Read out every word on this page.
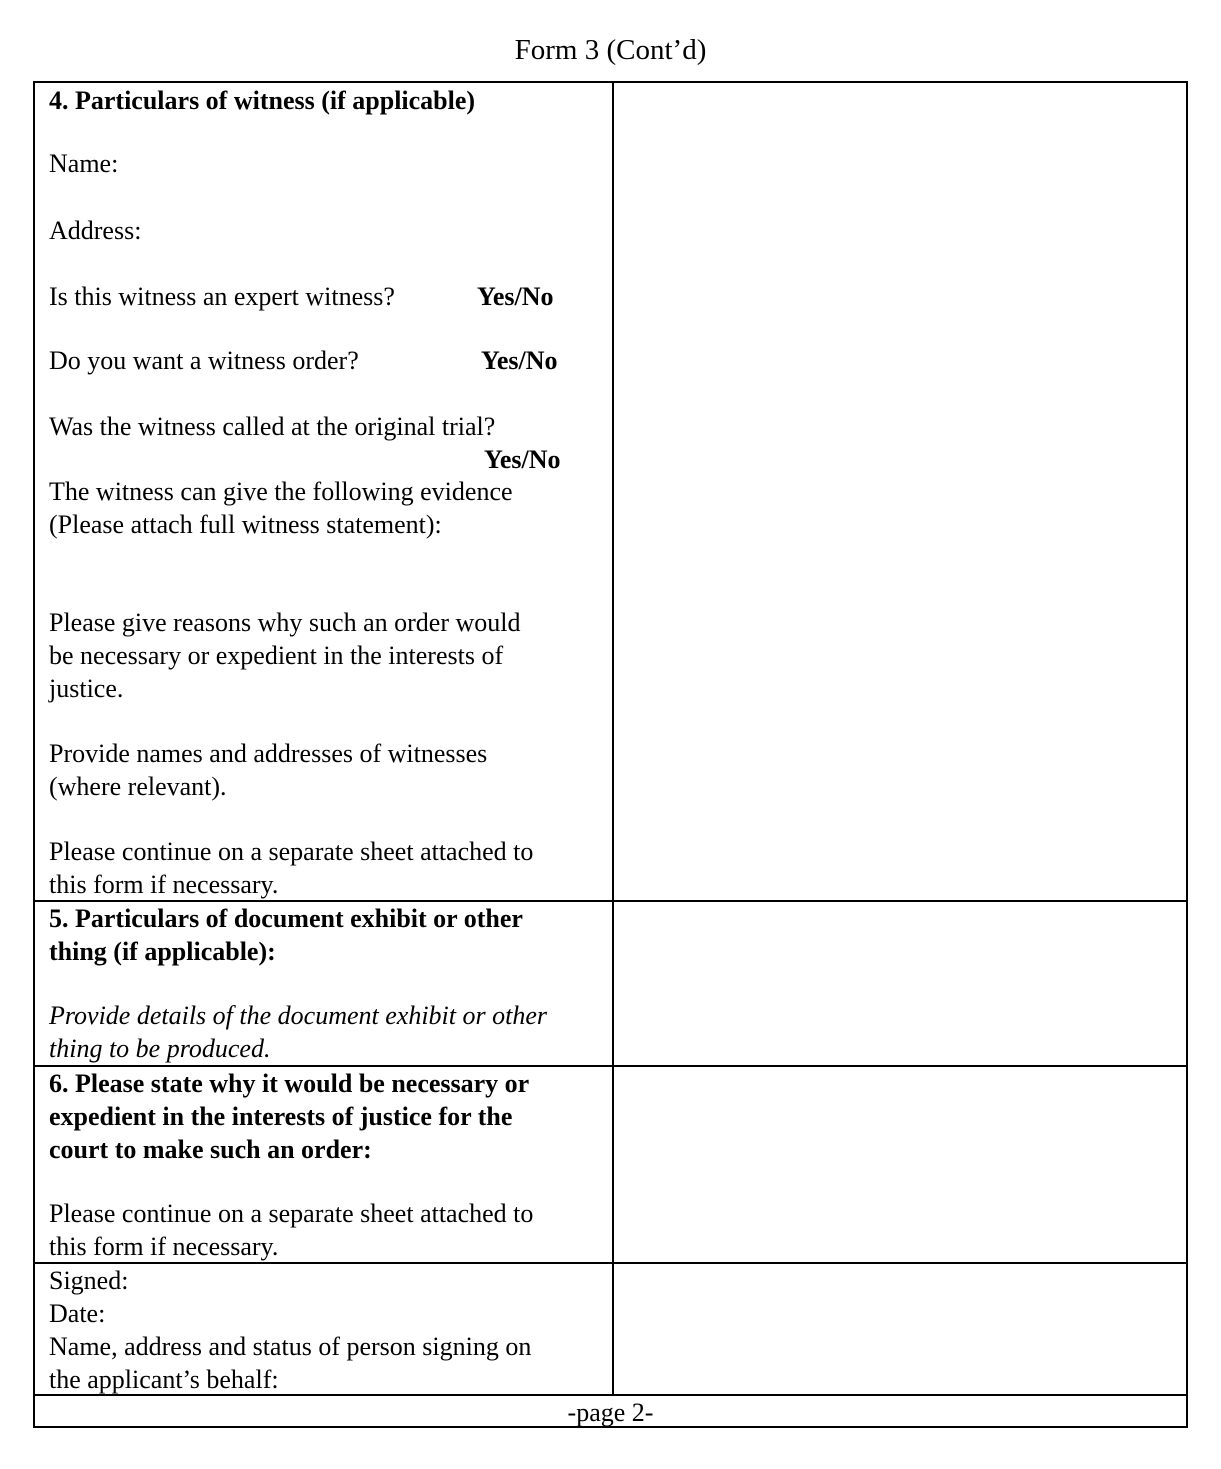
Form 3 (Cont’d)
4. Particulars of witness (if applicable)
Name:
Address:
Is this witness an expert witness?	Yes/No
Do you want a witness order?	Yes/No
Was the witness called at the original trial?
Yes/No
The witness can give the following evidence
(Please attach full witness statement):
Please give reasons why such an order would
be necessary or expedient in the interests of
justice.
Provide names and addresses of witnesses
(where relevant).
Please continue on a separate sheet attached to
this form if necessary.
5. Particulars of document exhibit or other
thing (if applicable):
Provide details of the document exhibit or other
thing to be produced.
6. Please state why it would be necessary or
expedient in the interests of justice for the
court to make such an order:
Please continue on a separate sheet attached to
this form if necessary.
Signed:
Date:
Name, address and status of person signing on
the applicant’s behalf:
-page 2-
